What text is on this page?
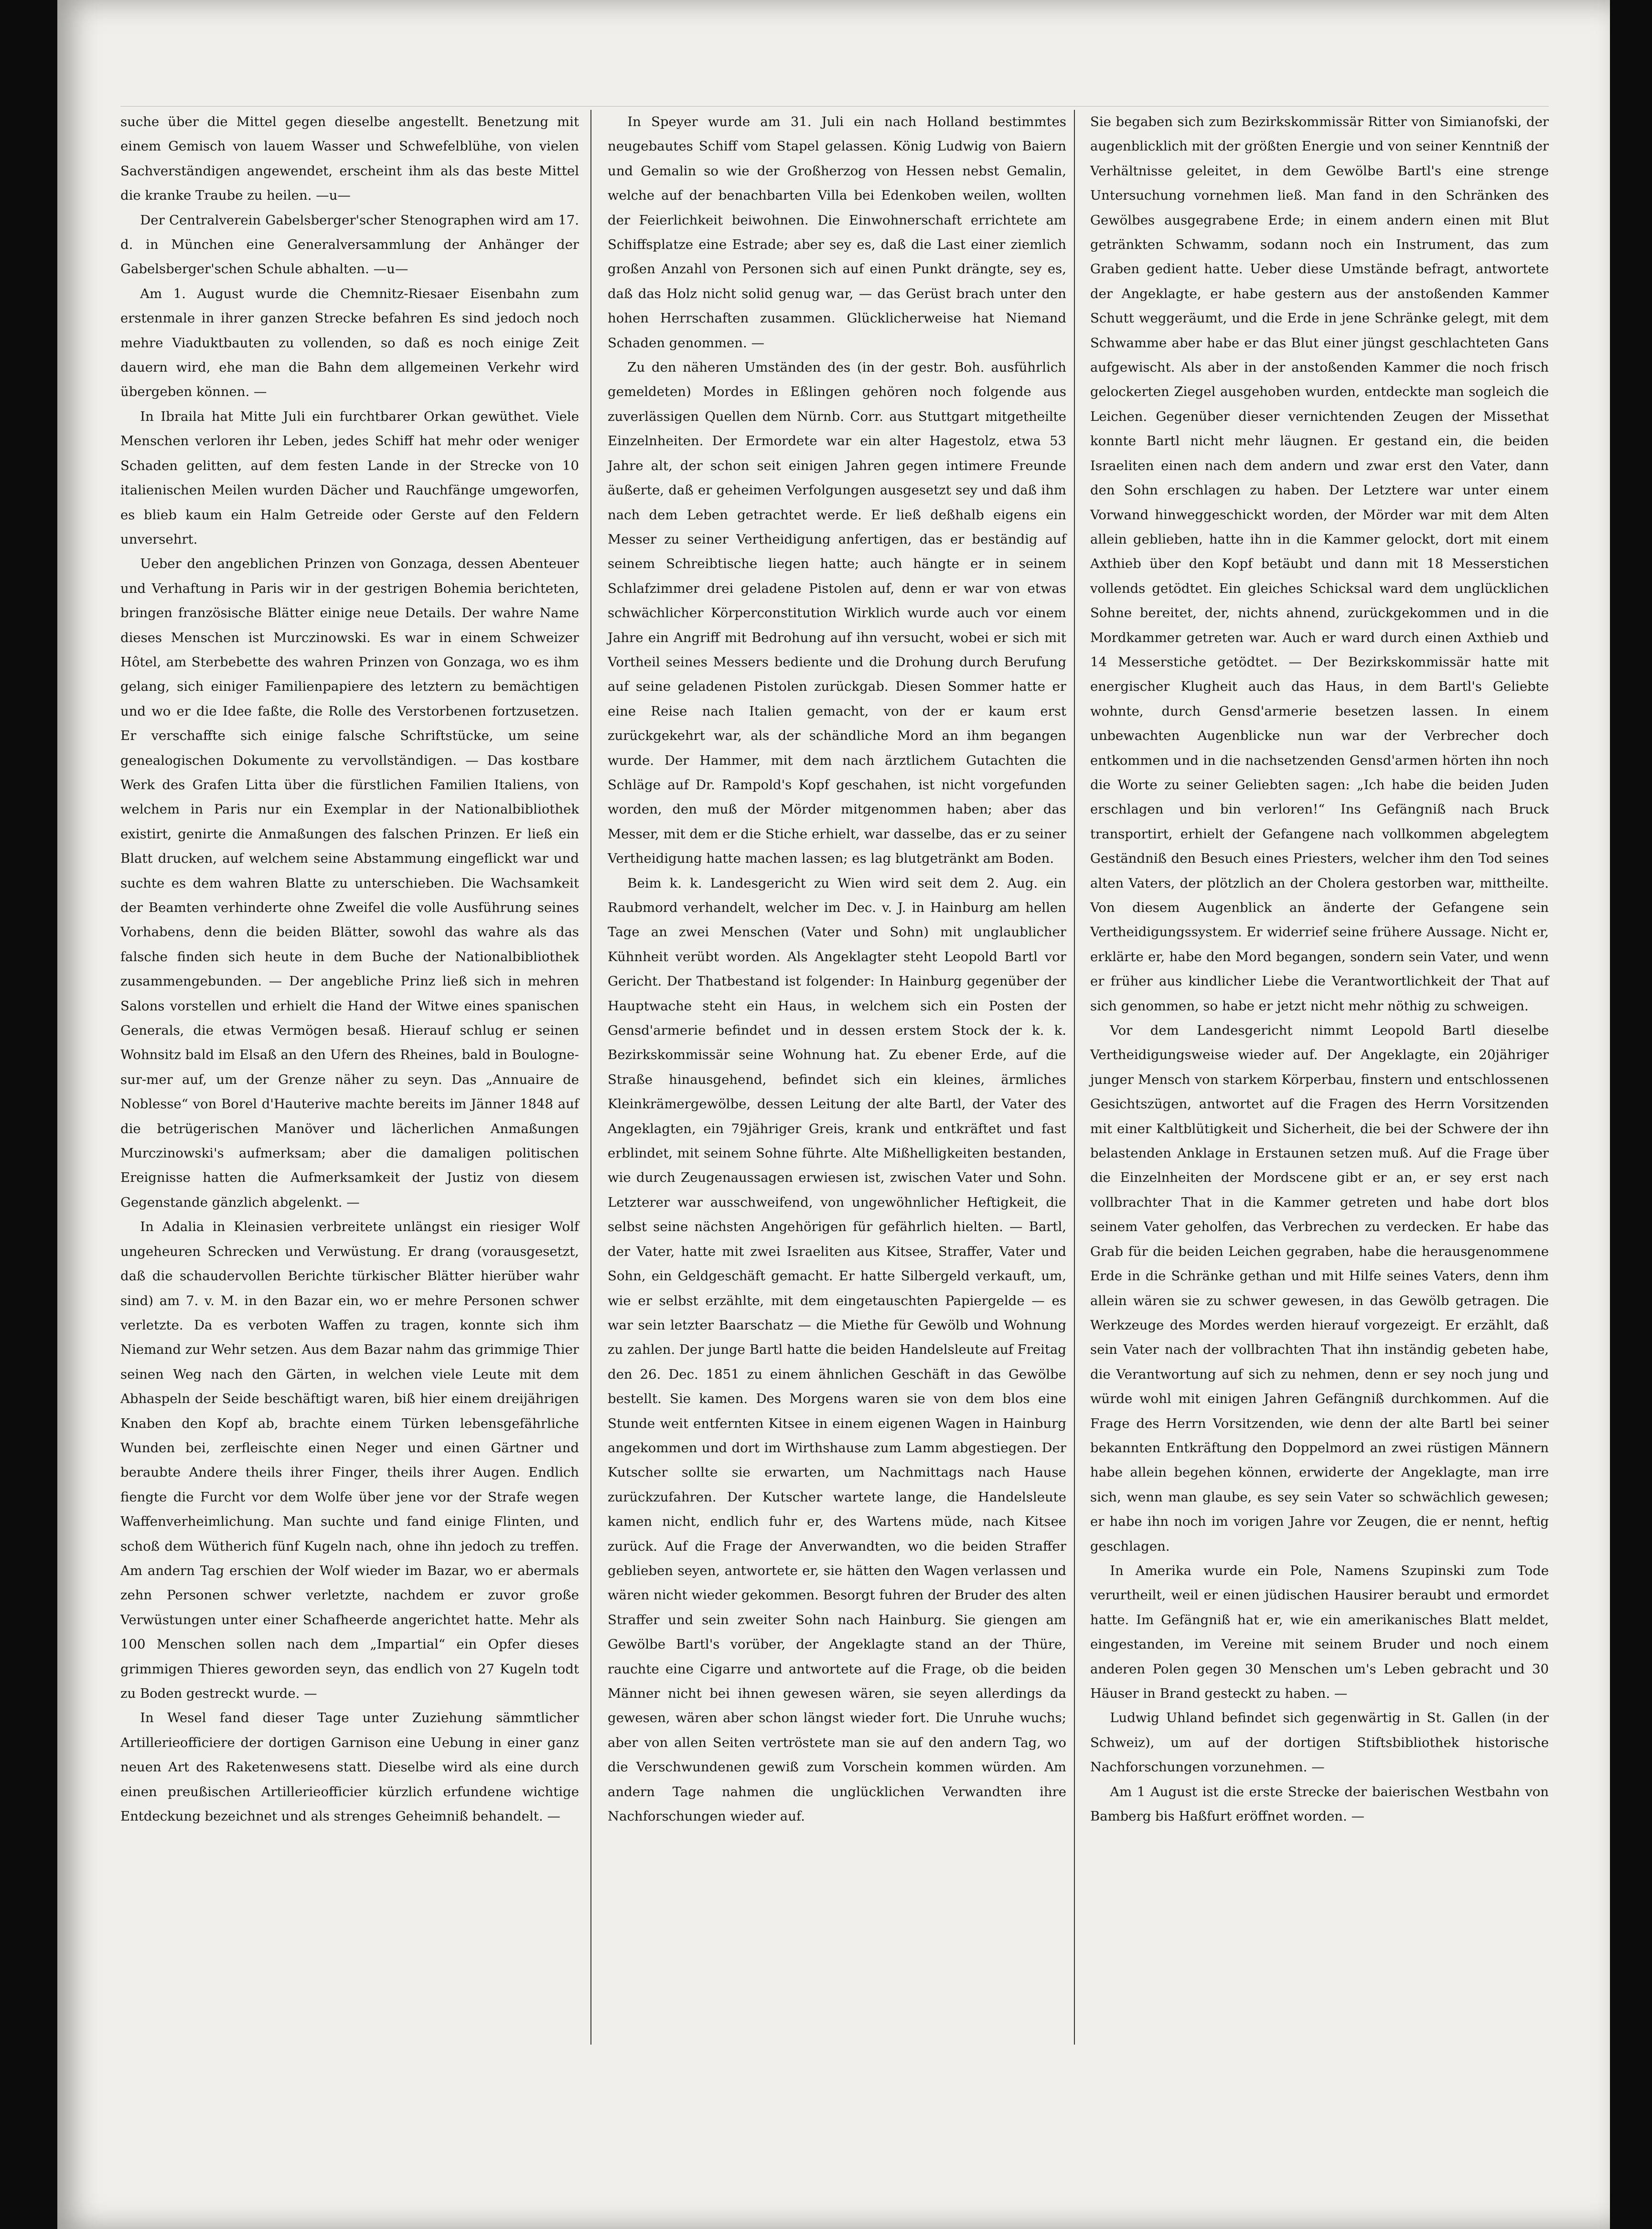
suche über die Mittel gegen dieselbe angestellt. Benetzung mit einem Gemisch von lauem Wasser und Schwefelblühe, von vielen Sachverständigen angewendet, erscheint ihm als das beste Mittel die kranke Traube zu heilen. —u—

Der Centralverein Gabelsberger'scher Stenographen wird am 17. d. in München eine Generalversammlung der Anhänger der Gabelsberger'schen Schule abhalten. —u—

Am 1. August wurde die Chemnitz-Riesaer Eisenbahn zum erstenmale in ihrer ganzen Strecke befahren Es sind jedoch noch mehre Viaduktbauten zu vollenden, so daß es noch einige Zeit dauern wird, ehe man die Bahn dem allgemeinen Verkehr wird übergeben können. —

In Ibraila hat Mitte Juli ein furchtbarer Orkan gewüthet. Viele Menschen verloren ihr Leben, jedes Schiff hat mehr oder weniger Schaden gelitten, auf dem festen Lande in der Strecke von 10 italienischen Meilen wurden Dächer und Rauchfänge umgeworfen, es blieb kaum ein Halm Getreide oder Gerste auf den Feldern unversehrt.

Ueber den angeblichen Prinzen von Gonzaga, dessen Abenteuer und Verhaftung in Paris wir in der gestrigen Bohemia berichteten, bringen französische Blätter einige neue Details. Der wahre Name dieses Menschen ist Murczinowski. Es war in einem Schweizer Hôtel, am Sterbebette des wahren Prinzen von Gonzaga, wo es ihm gelang, sich einiger Familienpapiere des letztern zu bemächtigen und wo er die Idee faßte, die Rolle des Verstorbenen fortzusetzen. Er verschaffte sich einige falsche Schriftstücke, um seine genealogischen Dokumente zu vervollständigen. — Das kostbare Werk des Grafen Litta über die fürstlichen Familien Italiens, von welchem in Paris nur ein Exemplar in der Nationalbibliothek existirt, genirte die Anmaßungen des falschen Prinzen. Er ließ ein Blatt drucken, auf welchem seine Abstammung eingeflickt war und suchte es dem wahren Blatte zu unterschieben. Die Wachsamkeit der Beamten verhinderte ohne Zweifel die volle Ausführung seines Vorhabens, denn die beiden Blätter, sowohl das wahre als das falsche finden sich heute in dem Buche der Nationalbibliothek zusammengebunden. — Der angebliche Prinz ließ sich in mehren Salons vorstellen und erhielt die Hand der Witwe eines spanischen Generals, die etwas Vermögen besaß. Hierauf schlug er seinen Wohnsitz bald im Elsaß an den Ufern des Rheines, bald in Boulogne-sur-mer auf, um der Grenze näher zu seyn. Das „Annuaire de Noblesse“ von Borel d'Hauterive machte bereits im Jänner 1848 auf die betrügerischen Manöver und lächerlichen Anmaßungen Murczinowski's aufmerksam; aber die damaligen politischen Ereignisse hatten die Aufmerksamkeit der Justiz von diesem Gegenstande gänzlich abgelenkt. —

In Adalia in Kleinasien verbreitete unlängst ein riesiger Wolf ungeheuren Schrecken und Verwüstung. Er drang (vorausgesetzt, daß die schaudervollen Berichte türkischer Blätter hierüber wahr sind) am 7. v. M. in den Bazar ein, wo er mehre Personen schwer verletzte. Da es verboten Waffen zu tragen, konnte sich ihm Niemand zur Wehr setzen. Aus dem Bazar nahm das grimmige Thier seinen Weg nach den Gärten, in welchen viele Leute mit dem Abhaspeln der Seide beschäftigt waren, biß hier einem dreijährigen Knaben den Kopf ab, brachte einem Türken lebensgefährliche Wunden bei, zerfleischte einen Neger und einen Gärtner und beraubte Andere theils ihrer Finger, theils ihrer Augen. Endlich fiengte die Furcht vor dem Wolfe über jene vor der Strafe wegen Waffenverheimlichung. Man suchte und fand einige Flinten, und schoß dem Wütherich fünf Kugeln nach, ohne ihn jedoch zu treffen. Am andern Tag erschien der Wolf wieder im Bazar, wo er abermals zehn Personen schwer verletzte, nachdem er zuvor große Verwüstungen unter einer Schafheerde angerichtet hatte. Mehr als 100 Menschen sollen nach dem „Impartial“ ein Opfer dieses grimmigen Thieres geworden seyn, das endlich von 27 Kugeln todt zu Boden gestreckt wurde. —

In Wesel fand dieser Tage unter Zuziehung sämmtlicher Artillerieofficiere der dortigen Garnison eine Uebung in einer ganz neuen Art des Raketenwesens statt. Dieselbe wird als eine durch einen preußischen Artillerieofficier kürzlich erfundene wichtige Entdeckung bezeichnet und als strenges Geheimniß behandelt. —

In Speyer wurde am 31. Juli ein nach Holland bestimmtes neugebautes Schiff vom Stapel gelassen. König Ludwig von Baiern und Gemalin so wie der Großherzog von Hessen nebst Gemalin, welche auf der benachbarten Villa bei Edenkoben weilen, wollten der Feierlichkeit beiwohnen. Die Einwohnerschaft errichtete am Schiffsplatze eine Estrade; aber sey es, daß die Last einer ziemlich großen Anzahl von Personen sich auf einen Punkt drängte, sey es, daß das Holz nicht solid genug war, — das Gerüst brach unter den hohen Herrschaften zusammen. Glücklicherweise hat Niemand Schaden genommen. —

Zu den näheren Umständen des (in der gestr. Boh. ausführlich gemeldeten) Mordes in Eßlingen gehören noch folgende aus zuverlässigen Quellen dem Nürnb. Corr. aus Stuttgart mitgetheilte Einzelnheiten. Der Ermordete war ein alter Hagestolz, etwa 53 Jahre alt, der schon seit einigen Jahren gegen intimere Freunde äußerte, daß er geheimen Verfolgungen ausgesetzt sey und daß ihm nach dem Leben getrachtet werde. Er ließ deßhalb eigens ein Messer zu seiner Vertheidigung anfertigen, das er beständig auf seinem Schreibtische liegen hatte; auch hängte er in seinem Schlafzimmer drei geladene Pistolen auf, denn er war von etwas schwächlicher Körperconstitution Wirklich wurde auch vor einem Jahre ein Angriff mit Bedrohung auf ihn versucht, wobei er sich mit Vortheil seines Messers bediente und die Drohung durch Berufung auf seine geladenen Pistolen zurückgab. Diesen Sommer hatte er eine Reise nach Italien gemacht, von der er kaum erst zurückgekehrt war, als der schändliche Mord an ihm begangen wurde. Der Hammer, mit dem nach ärztlichem Gutachten die Schläge auf Dr. Rampold's Kopf geschahen, ist nicht vorgefunden worden, den muß der Mörder mitgenommen haben; aber das Messer, mit dem er die Stiche erhielt, war dasselbe, das er zu seiner Vertheidigung hatte machen lassen; es lag blutgetränkt am Boden.

Beim k. k. Landesgericht zu Wien wird seit dem 2. Aug. ein Raubmord verhandelt, welcher im Dec. v. J. in Hainburg am hellen Tage an zwei Menschen (Vater und Sohn) mit unglaublicher Kühnheit verübt worden. Als Angeklagter steht Leopold Bartl vor Gericht. Der Thatbestand ist folgender: In Hainburg gegenüber der Hauptwache steht ein Haus, in welchem sich ein Posten der Gensd'armerie befindet und in dessen erstem Stock der k. k. Bezirkskommissär seine Wohnung hat. Zu ebener Erde, auf die Straße hinausgehend, befindet sich ein kleines, ärmliches Kleinkrämergewölbe, dessen Leitung der alte Bartl, der Vater des Angeklagten, ein 79jähriger Greis, krank und entkräftet und fast erblindet, mit seinem Sohne führte. Alte Mißhelligkeiten bestanden, wie durch Zeugenaussagen erwiesen ist, zwischen Vater und Sohn. Letzterer war ausschweifend, von ungewöhnlicher Heftigkeit, die selbst seine nächsten Angehörigen für gefährlich hielten. — Bartl, der Vater, hatte mit zwei Israeliten aus Kitsee, Straffer, Vater und Sohn, ein Geldgeschäft gemacht. Er hatte Silbergeld verkauft, um, wie er selbst erzählte, mit dem eingetauschten Papiergelde — es war sein letzter Baarschatz — die Miethe für Gewölb und Wohnung zu zahlen. Der junge Bartl hatte die beiden Handelsleute auf Freitag den 26. Dec. 1851 zu einem ähnlichen Geschäft in das Gewölbe bestellt. Sie kamen. Des Morgens waren sie von dem blos eine Stunde weit entfernten Kitsee in einem eigenen Wagen in Hainburg angekommen und dort im Wirthshause zum Lamm abgestiegen. Der Kutscher sollte sie erwarten, um Nachmittags nach Hause zurückzufahren. Der Kutscher wartete lange, die Handelsleute kamen nicht, endlich fuhr er, des Wartens müde, nach Kitsee zurück. Auf die Frage der Anverwandten, wo die beiden Straffer geblieben seyen, antwortete er, sie hätten den Wagen verlassen und wären nicht wieder gekommen. Besorgt fuhren der Bruder des alten Straffer und sein zweiter Sohn nach Hainburg. Sie giengen am Gewölbe Bartl's vorüber, der Angeklagte stand an der Thüre, rauchte eine Cigarre und antwortete auf die Frage, ob die beiden Männer nicht bei ihnen gewesen wären, sie seyen allerdings da gewesen, wären aber schon längst wieder fort. Die Unruhe wuchs; aber von allen Seiten vertröstete man sie auf den andern Tag, wo die Verschwundenen gewiß zum Vorschein kommen würden. Am andern Tage nahmen die unglücklichen Verwandten ihre Nachforschungen wieder auf.

Sie begaben sich zum Bezirkskommissär Ritter von Simianofski, der augenblicklich mit der größten Energie und von seiner Kenntniß der Verhältnisse geleitet, in dem Gewölbe Bartl's eine strenge Untersuchung vornehmen ließ. Man fand in den Schränken des Gewölbes ausgegrabene Erde; in einem andern einen mit Blut getränkten Schwamm, sodann noch ein Instrument, das zum Graben gedient hatte. Ueber diese Umstände befragt, antwortete der Angeklagte, er habe gestern aus der anstoßenden Kammer Schutt weggeräumt, und die Erde in jene Schränke gelegt, mit dem Schwamme aber habe er das Blut einer jüngst geschlachteten Gans aufgewischt. Als aber in der anstoßenden Kammer die noch frisch gelockerten Ziegel ausgehoben wurden, entdeckte man sogleich die Leichen. Gegenüber dieser vernichtenden Zeugen der Missethat konnte Bartl nicht mehr läugnen. Er gestand ein, die beiden Israeliten einen nach dem andern und zwar erst den Vater, dann den Sohn erschlagen zu haben. Der Letztere war unter einem Vorwand hinweggeschickt worden, der Mörder war mit dem Alten allein geblieben, hatte ihn in die Kammer gelockt, dort mit einem Axthieb über den Kopf betäubt und dann mit 18 Messerstichen vollends getödtet. Ein gleiches Schicksal ward dem unglücklichen Sohne bereitet, der, nichts ahnend, zurückgekommen und in die Mordkammer getreten war. Auch er ward durch einen Axthieb und 14 Messerstiche getödtet. — Der Bezirkskommissär hatte mit energischer Klugheit auch das Haus, in dem Bartl's Geliebte wohnte, durch Gensd'armerie besetzen lassen. In einem unbewachten Augenblicke nun war der Verbrecher doch entkommen und in die nachsetzenden Gensd'armen hörten ihn noch die Worte zu seiner Geliebten sagen: „Ich habe die beiden Juden erschlagen und bin verloren!“ Ins Gefängniß nach Bruck transportirt, erhielt der Gefangene nach vollkommen abgelegtem Geständniß den Besuch eines Priesters, welcher ihm den Tod seines alten Vaters, der plötzlich an der Cholera gestorben war, mittheilte. Von diesem Augenblick an änderte der Gefangene sein Vertheidigungssystem. Er widerrief seine frühere Aussage. Nicht er, erklärte er, habe den Mord begangen, sondern sein Vater, und wenn er früher aus kindlicher Liebe die Verantwortlichkeit der That auf sich genommen, so habe er jetzt nicht mehr nöthig zu schweigen.

Vor dem Landesgericht nimmt Leopold Bartl dieselbe Vertheidigungsweise wieder auf. Der Angeklagte, ein 20jähriger junger Mensch von starkem Körperbau, finstern und entschlossenen Gesichtszügen, antwortet auf die Fragen des Herrn Vorsitzenden mit einer Kaltblütigkeit und Sicherheit, die bei der Schwere der ihn belastenden Anklage in Erstaunen setzen muß. Auf die Frage über die Einzelnheiten der Mordscene gibt er an, er sey erst nach vollbrachter That in die Kammer getreten und habe dort blos seinem Vater geholfen, das Verbrechen zu verdecken. Er habe das Grab für die beiden Leichen gegraben, habe die herausgenommene Erde in die Schränke gethan und mit Hilfe seines Vaters, denn ihm allein wären sie zu schwer gewesen, in das Gewölb getragen. Die Werkzeuge des Mordes werden hierauf vorgezeigt. Er erzählt, daß sein Vater nach der vollbrachten That ihn inständig gebeten habe, die Verantwortung auf sich zu nehmen, denn er sey noch jung und würde wohl mit einigen Jahren Gefängniß durchkommen. Auf die Frage des Herrn Vorsitzenden, wie denn der alte Bartl bei seiner bekannten Entkräftung den Doppelmord an zwei rüstigen Männern habe allein begehen können, erwiderte der Angeklagte, man irre sich, wenn man glaube, es sey sein Vater so schwächlich gewesen; er habe ihn noch im vorigen Jahre vor Zeugen, die er nennt, heftig geschlagen.

In Amerika wurde ein Pole, Namens Szupinski zum Tode verurtheilt, weil er einen jüdischen Hausirer beraubt und ermordet hatte. Im Gefängniß hat er, wie ein amerikanisches Blatt meldet, eingestanden, im Vereine mit seinem Bruder und noch einem anderen Polen gegen 30 Menschen um's Leben gebracht und 30 Häuser in Brand gesteckt zu haben. —

Ludwig Uhland befindet sich gegenwärtig in St. Gallen (in der Schweiz), um auf der dortigen Stiftsbibliothek historische Nachforschungen vorzunehmen. —

Am 1 August ist die erste Strecke der baierischen Westbahn von Bamberg bis Haßfurt eröffnet worden. —
